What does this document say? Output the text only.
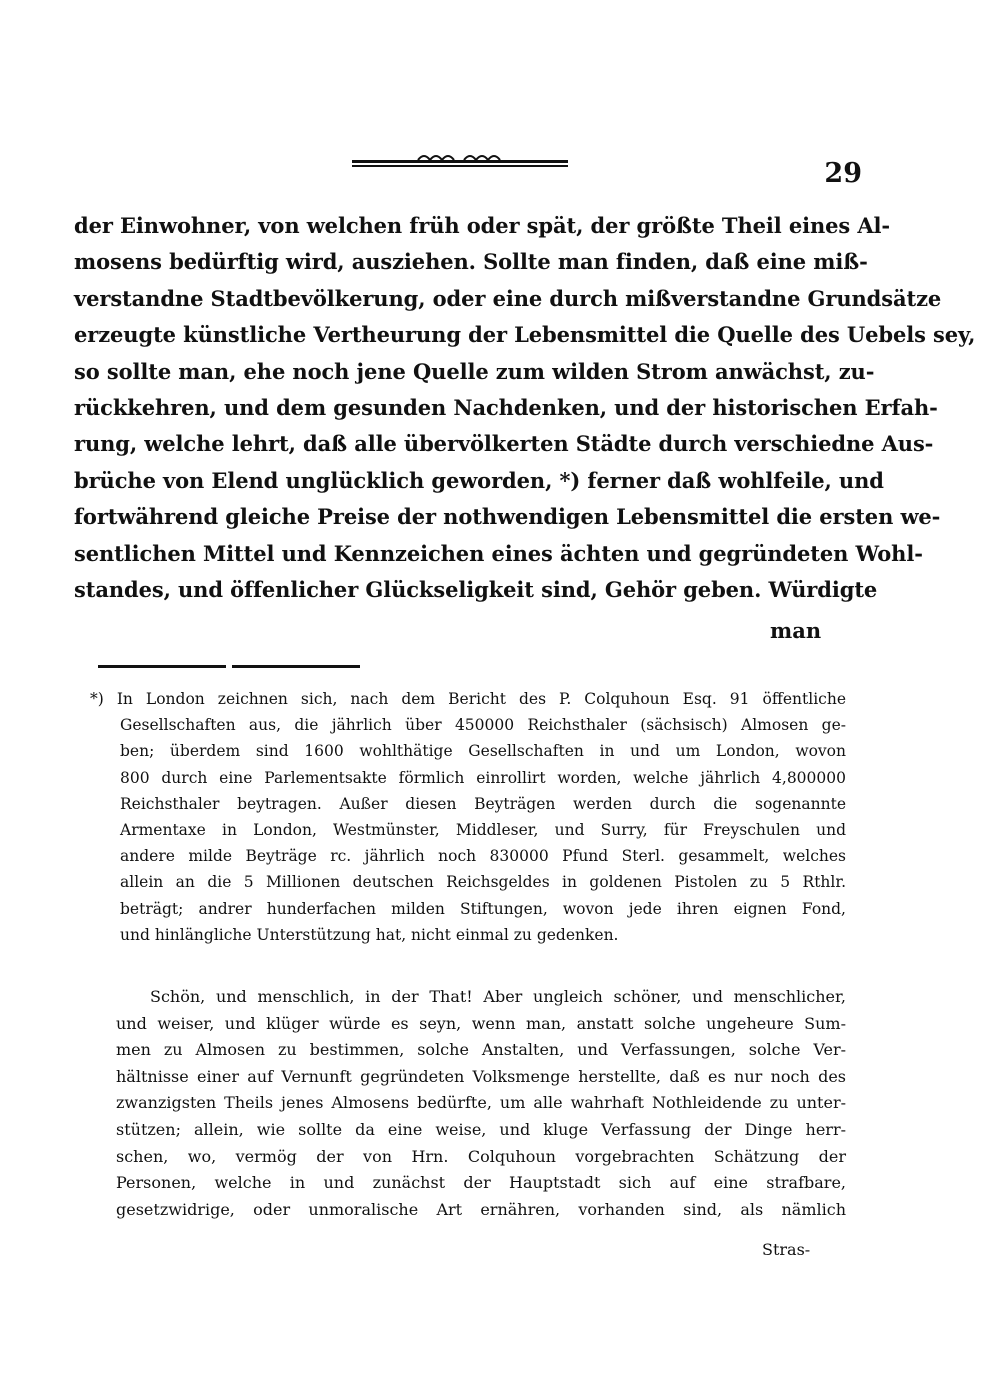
29
der Einwohner, von welchen früh oder spät, der größte Theil eines Al-
mosens bedürftig wird, ausziehen. Sollte man finden, daß eine miß-
verstandne Stadtbevölkerung, oder eine durch mißverstandne Grundsätze
erzeugte künstliche Vertheurung der Lebensmittel die Quelle des Uebels sey,
so sollte man, ehe noch jene Quelle zum wilden Strom anwächst, zu-
rückkehren, und dem gesunden Nachdenken, und der historischen Erfah-
rung, welche lehrt, daß alle übervölkerten Städte durch verschiedne Aus-
brüche von Elend unglücklich geworden, *) ferner daß wohlfeile, und
fortwährend gleiche Preise der nothwendigen Lebensmittel die ersten we-
sentlichen Mittel und Kennzeichen eines ächten und gegründeten Wohl-
standes, und öffenlicher Glückseligkeit sind, Gehör geben. Würdigte
man
*) In London zeichnen sich, nach dem Bericht des P. Colquhoun Esq. 91 öffentliche
Gesellschaften aus, die jährlich über 450000 Reichsthaler (sächsisch) Almosen ge-
ben; überdem sind 1600 wohlthätige Gesellschaften in und um London, wovon
800 durch eine Parlementsakte förmlich einrollirt worden, welche jährlich 4,800000
Reichsthaler beytragen. Außer diesen Beyträgen werden durch die sogenannte
Armentaxe in London, Westmünster, Middleser, und Surry, für Freyschulen und
andere milde Beyträge rc. jährlich noch 830000 Pfund Sterl. gesammelt, welches
allein an die 5 Millionen deutschen Reichsgeldes in goldenen Pistolen zu 5 Rthlr.
beträgt; andrer hunderfachen milden Stiftungen, wovon jede ihren eignen Fond,
und hinlängliche Unterstützung hat, nicht einmal zu gedenken.
Schön, und menschlich, in der That! Aber ungleich schöner, und menschlicher,
und weiser, und klüger würde es seyn, wenn man, anstatt solche ungeheure Sum-
men zu Almosen zu bestimmen, solche Anstalten, und Verfassungen, solche Ver-
hältnisse einer auf Vernunft gegründeten Volksmenge herstellte, daß es nur noch des
zwanzigsten Theils jenes Almosens bedürfte, um alle wahrhaft Nothleidende zu unter-
stützen; allein, wie sollte da eine weise, und kluge Verfassung der Dinge herr-
schen, wo, vermög der von Hrn. Colquhoun vorgebrachten Schätzung der
Personen, welche in und zunächst der Hauptstadt sich auf eine strafbare,
gesetzwidrige, oder unmoralische Art ernähren, vorhanden sind, als nämlich
Stras-
